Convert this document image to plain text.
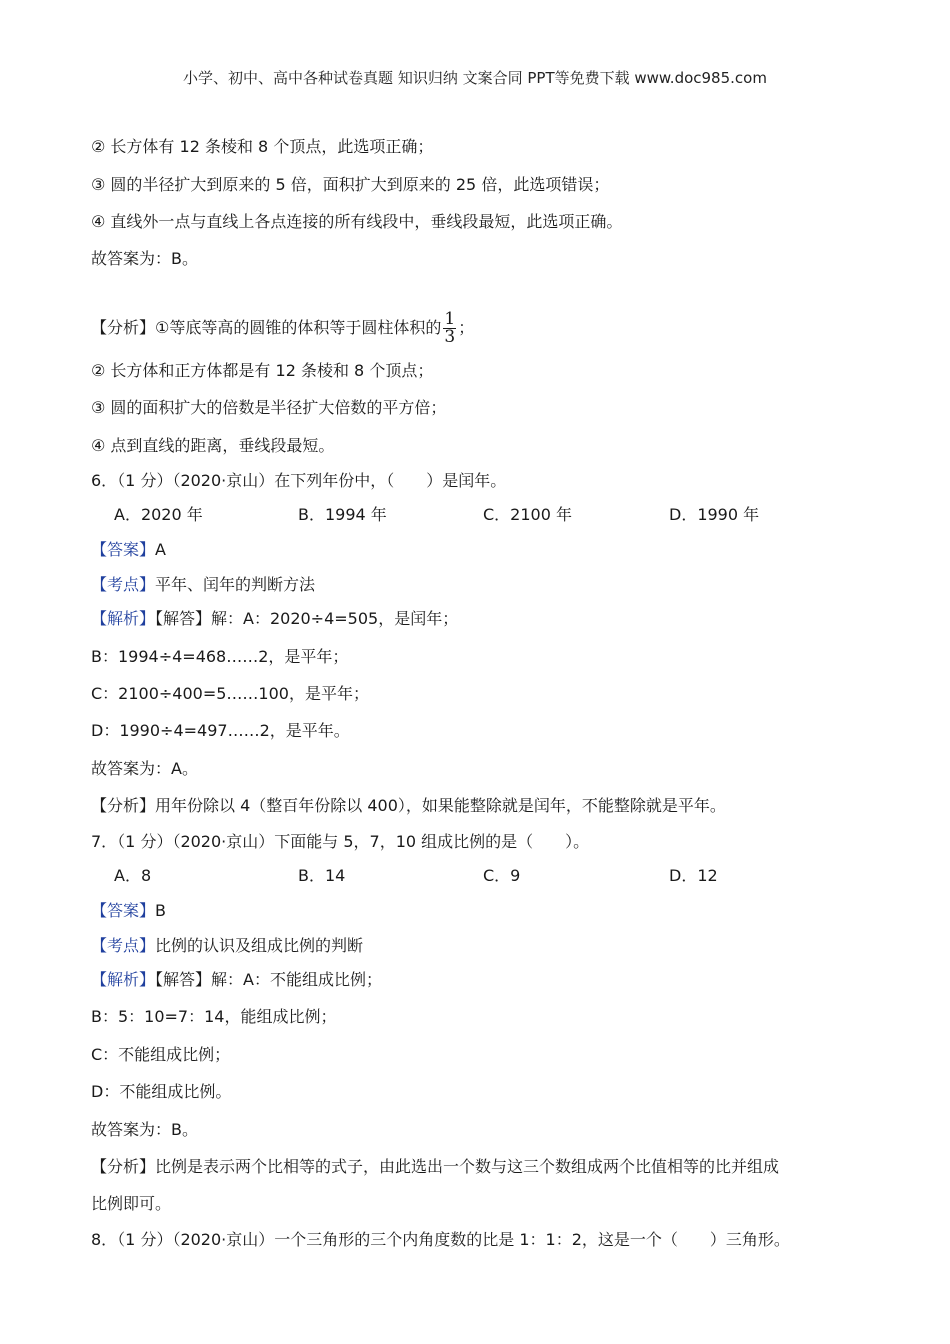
小学、初中、高中各种试卷真题 知识归纳 文案合同 PPT等免费下载 www.doc985.com
② 长方体有 12 条棱和 8 个顶点，此选项正确；
③ 圆的半径扩大到原来的 5 倍，面积扩大到原来的 25 倍，此选项错误；
④ 直线外一点与直线上各点连接的所有线段中，垂线段最短，此选项正确。
故答案为：B。
【分析】①等底等高的圆锥的体积等于圆柱体积的 $\frac{1}{3}$ ；
② 长方体和正方体都是有 12 条棱和 8 个顶点；
③ 圆的面积扩大的倍数是半径扩大倍数的平方倍；
④ 点到直线的距离，垂线段最短。
6．（1 分）（2020·京山）在下列年份中，（　　）是闰年。
A．2020 年	B．1994 年	C．2100 年	D．1990 年
【答案】A
【考点】平年、闰年的判断方法
【解析】【解答】解：A：2020÷4=505，是闰年；
B：1994÷4=468……2，是平年；
C：2100÷400=5……100，是平年；
D：1990÷4=497……2，是平年。
故答案为：A。
【分析】用年份除以 4（整百年份除以 400），如果能整除就是闰年，不能整除就是平年。
7．（1 分）（2020·京山）下面能与 5，7，10 组成比例的是（　　）。
A．8	B．14	C．9	D．12
【答案】B
【考点】比例的认识及组成比例的判断
【解析】【解答】解：A：不能组成比例；
B：5：10=7：14，能组成比例；
C：不能组成比例；
D：不能组成比例。
故答案为：B。
【分析】比例是表示两个比相等的式子，由此选出一个数与这三个数组成两个比值相等的比并组成
比例即可。
8．（1 分）（2020·京山）一个三角形的三个内角度数的比是 1：1：2，这是一个（　　）三角形。
